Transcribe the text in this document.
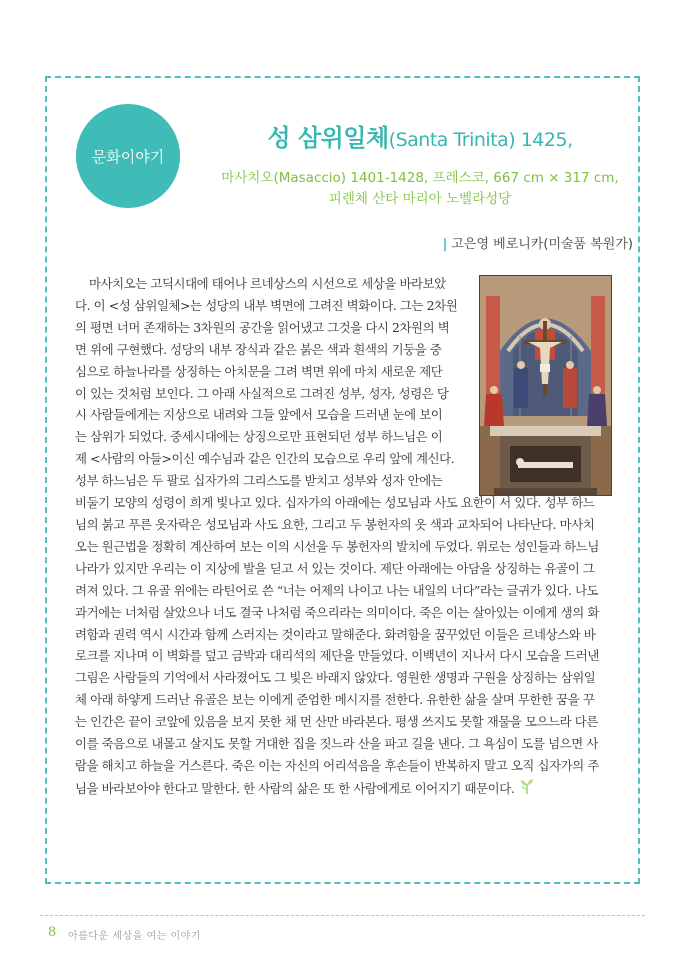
문화이야기
성 삼위일체(Santa Trinita) 1425,
마사치오(Masaccio) 1401-1428, 프레스코, 667 cm × 317 cm,
피렌체 산타 마리아 노벨라성당
| 고은영 베로니카(미술품 복원가)

마사치오는 고딕시대에 태어나 르네상스의 시선으로 세상을 바라보았
다. 이 <성 삼위일체>는 성당의 내부 벽면에 그려진 벽화이다. 그는 2차원
의 평면 너머 존재하는 3차원의 공간을 읽어냈고 그것을 다시 2차원의 벽
면 위에 구현했다. 성당의 내부 장식과 같은 붉은 색과 흰색의 기둥을 중
심으로 하늘나라를 상징하는 아치문을 그려 벽면 위에 마치 새로운 제단
이 있는 것처럼 보인다. 그 아래 사실적으로 그려진 성부, 성자, 성령은 당
시 사람들에게는 지상으로 내려와 그들 앞에서 모습을 드러낸 눈에 보이
는 삼위가 되었다. 중세시대에는 상징으로만 표현되던 성부 하느님은 이
제 <사람의 아들>이신 예수님과 같은 인간의 모습으로 우리 앞에 계신다.
성부 하느님은 두 팔로 십자가의 그리스도를 받치고 성부와 성자 안에는
비둘기 모양의 성령이 희게 빛나고 있다. 십자가의 아래에는 성모님과 사도 요한이 서 있다. 성부 하느
님의 붉고 푸른 옷자락은 성모님과 사도 요한, 그리고 두 봉헌자의 옷 색과 교차되어 나타난다. 마사치
오는 원근법을 정확히 계산하여 보는 이의 시선을 두 봉헌자의 발치에 두었다. 위로는 성인들과 하느님
나라가 있지만 우리는 이 지상에 발을 딛고 서 있는 것이다. 제단 아래에는 아담을 상징하는 유골이 그
려져 있다. 그 유골 위에는 라틴어로 쓴 “너는 어제의 나이고 나는 내일의 너다”라는 글귀가 있다. 나도
과거에는 너처럼 살았으나 너도 결국 나처럼 죽으리라는 의미이다. 죽은 이는 살아있는 이에게 생의 화
려함과 권력 역시 시간과 함께 스러지는 것이라고 말해준다. 화려함을 꿈꾸었던 이들은 르네상스와 바
로크를 지나며 이 벽화를 덮고 금박과 대리석의 제단을 만들었다. 이백년이 지나서 다시 모습을 드러낸
그림은 사람들의 기억에서 사라졌어도 그 빛은 바래지 않았다. 영원한 생명과 구원을 상징하는 삼위일
체 아래 하얗게 드러난 유골은 보는 이에게 준엄한 메시지를 전한다. 유한한 삶을 살며 무한한 꿈을 꾸
는 인간은 끝이 코앞에 있음을 보지 못한 채 먼 산만 바라본다. 평생 쓰지도 못할 재물을 모으느라 다른
이를 죽음으로 내몰고 살지도 못할 거대한 집을 짓느라 산을 파고 길을 낸다. 그 욕심이 도를 넘으면 사
람을 해치고 하늘을 거스른다. 죽은 이는 자신의 어리석음을 후손들이 반복하지 말고 오직 십자가의 주
님을 바라보아야 한다고 말한다. 한 사람의 삶은 또 한 사람에게로 이어지기 때문이다.

8 아름다운 세상을 여는 이야기
